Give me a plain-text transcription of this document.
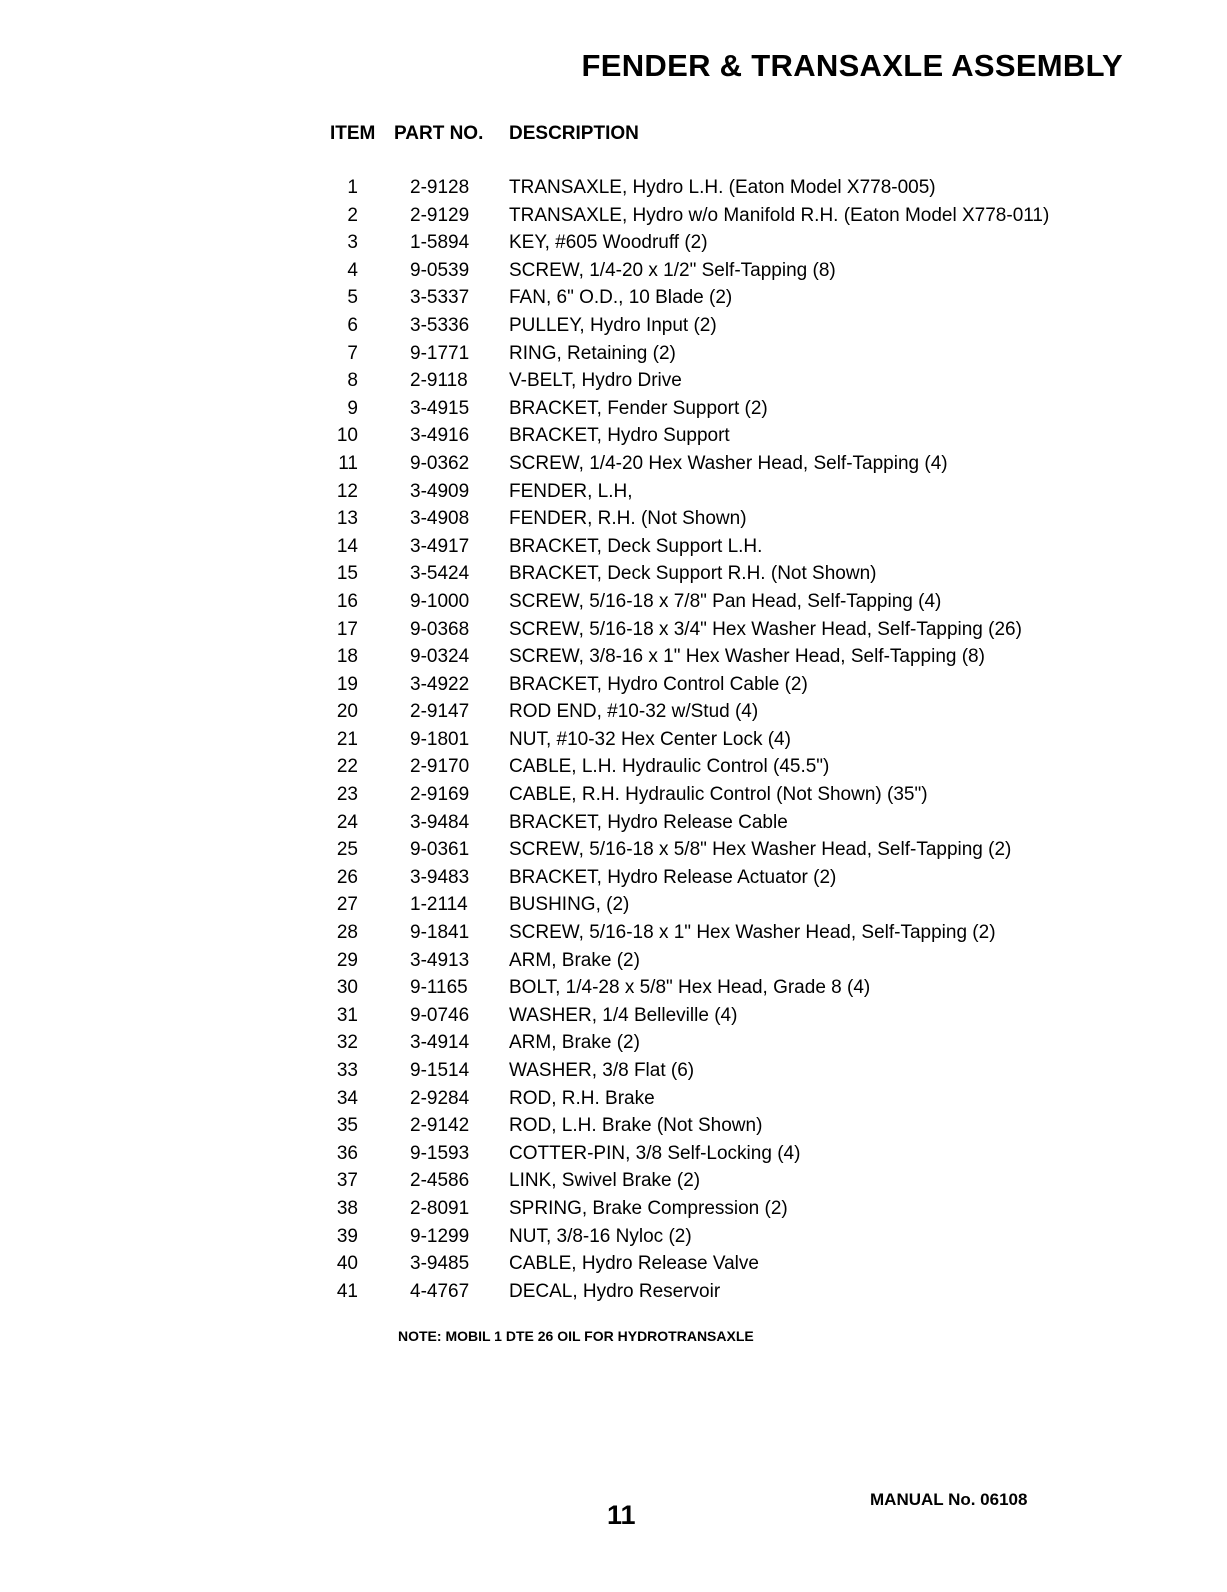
FENDER & TRANSAXLE ASSEMBLY
ITEM PART NO. DESCRIPTION
1	2-9128 TRANSAXLE, Hydro L.H. (Eaton Model X778-005)
2	2-9129 TRANSAXLE, Hydro w/o Manifold R.H. (Eaton Model X778-011)
3	1-5894 KEY, #605 Woodruff (2)
4	9-0539 SCREW, 1/4-20 x 1/2" Self-Tapping (8)
5	3-5337 FAN, 6" O.D., 10 Blade (2)
6	3-5336 PULLEY, Hydro Input (2)
7	9-1771 RING, Retaining (2)
8	2-9118 V-BELT, Hydro Drive
9	3-4915 BRACKET, Fender Support (2)
10	3-4916 BRACKET, Hydro Support
11	9-0362 SCREW, 1/4-20 Hex Washer Head, Self-Tapping (4)
12	3-4909 FENDER, L.H,
13	3-4908 FENDER, R.H. (Not Shown)
14	3-4917 BRACKET, Deck Support L.H.
15	3-5424 BRACKET, Deck Support R.H. (Not Shown)
16	9-1000 SCREW, 5/16-18 x 7/8" Pan Head, Self-Tapping (4)
17	9-0368 SCREW, 5/16-18 x 3/4" Hex Washer Head, Self-Tapping (26)
18	9-0324 SCREW, 3/8-16 x 1" Hex Washer Head, Self-Tapping (8)
19	3-4922 BRACKET, Hydro Control Cable (2)
20	2-9147 ROD END, #10-32 w/Stud (4)
21	9-1801 NUT, #10-32 Hex Center Lock (4)
22	2-9170 CABLE, L.H. Hydraulic Control (45.5")
23	2-9169 CABLE, R.H. Hydraulic Control (Not Shown) (35")
24	3-9484 BRACKET, Hydro Release Cable
25	9-0361 SCREW, 5/16-18 x 5/8" Hex Washer Head, Self-Tapping (2)
26	3-9483 BRACKET, Hydro Release Actuator (2)
27	1-2114 BUSHING, (2)
28	9-1841 SCREW, 5/16-18 x 1" Hex Washer Head, Self-Tapping (2)
29	3-4913 ARM, Brake (2)
30	9-1165 BOLT, 1/4-28 x 5/8" Hex Head, Grade 8 (4)
31	9-0746 WASHER, 1/4 Belleville (4)
32	3-4914 ARM, Brake (2)
33	9-1514 WASHER, 3/8 Flat (6)
34	2-9284 ROD, R.H. Brake
35	2-9142 ROD, L.H. Brake (Not Shown)
36	9-1593 COTTER-PIN, 3/8 Self-Locking (4)
37	2-4586 LINK, Swivel Brake (2)
38	2-8091 SPRING, Brake Compression (2)
39	9-1299 NUT, 3/8-16 Nyloc (2)
40	3-9485 CABLE, Hydro Release Valve
41	4-4767 DECAL, Hydro Reservoir
NOTE: MOBIL 1 DTE 26 OIL FOR HYDROTRANSAXLE
MANUAL No. 06108
11
